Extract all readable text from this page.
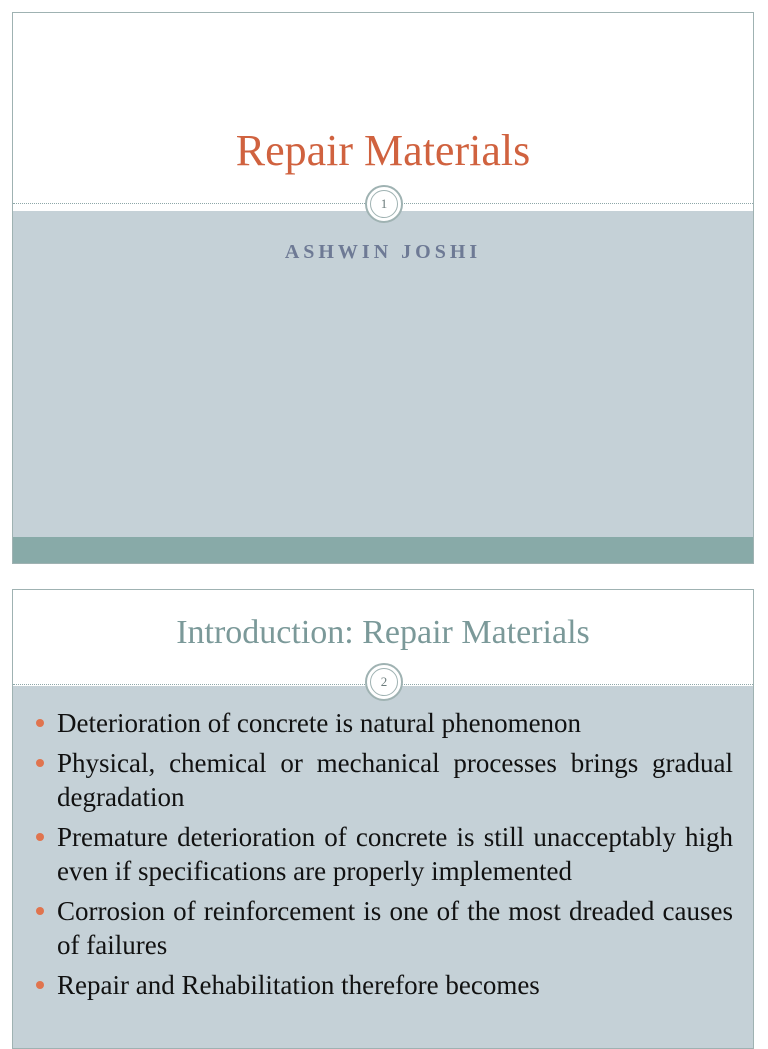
Repair Materials
1
ASHWIN JOSHI
Introduction: Repair Materials
2
Deterioration of concrete is natural phenomenon
Physical, chemical or mechanical processes brings gradual degradation
Premature deterioration of concrete is still unacceptably high even if specifications are properly implemented
Corrosion of reinforcement is one of the most dreaded causes of failures
Repair and Rehabilitation therefore becomes
